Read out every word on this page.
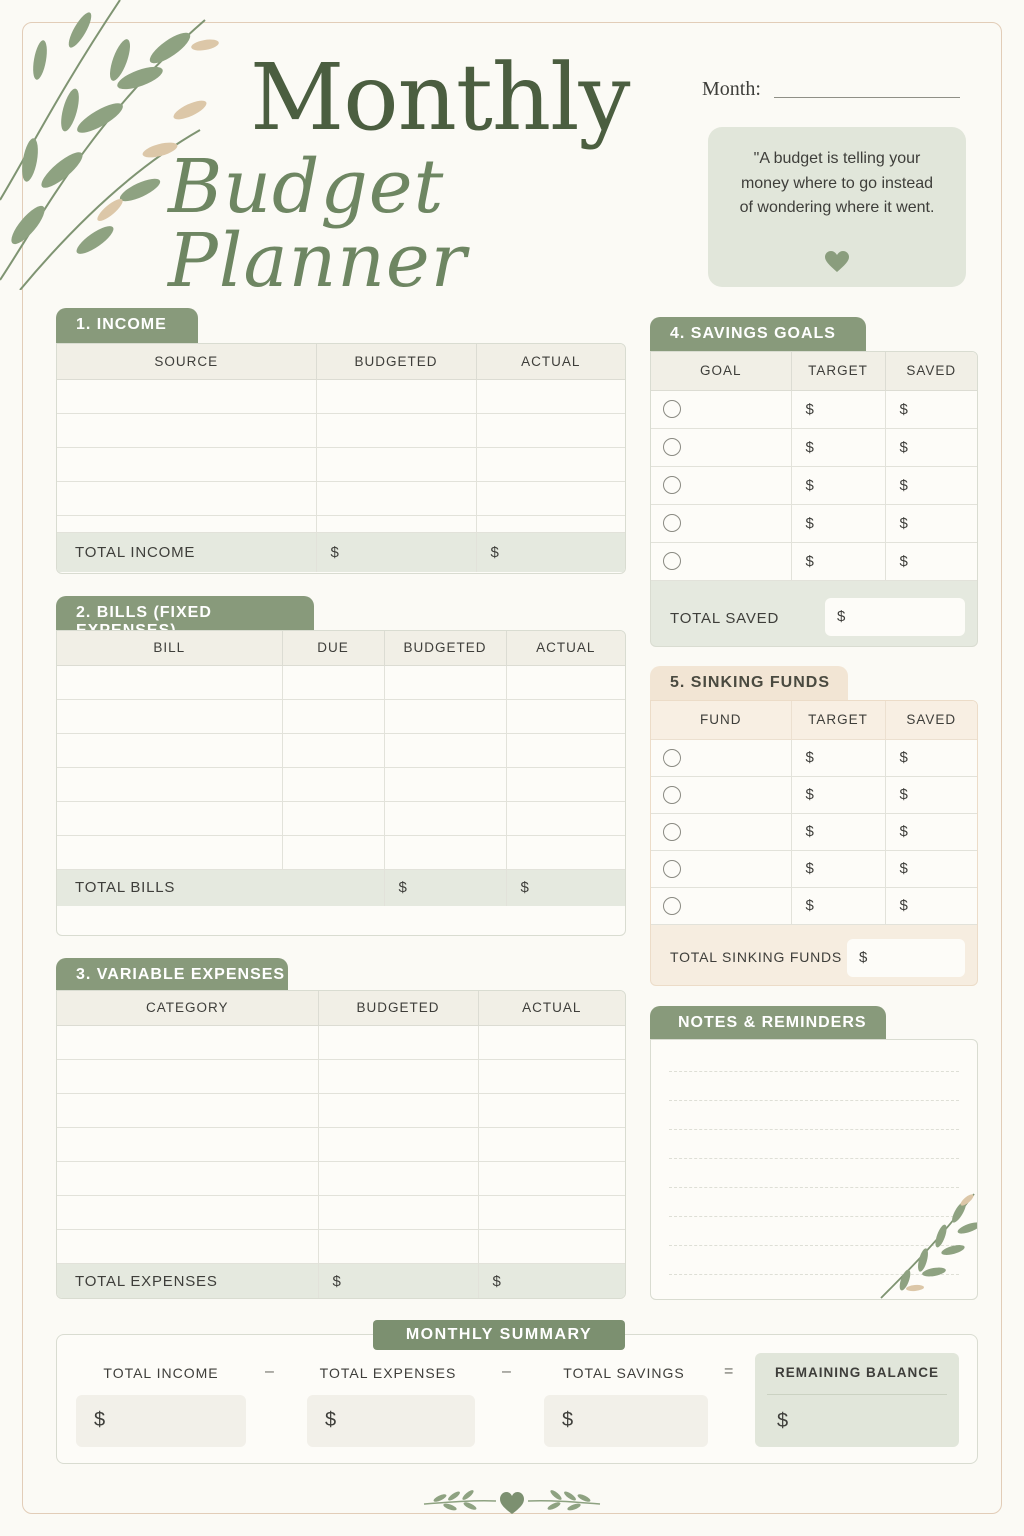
Monthly
Budget Planner
Month:
"A budget is telling your money where to go instead of wondering where it went.
1. INCOME
SOURCE	BUDGETED	ACTUAL

TOTAL INCOME	$	$
2. BILLS (FIXED
BILL	DUE	BUDGETED	ACTUAL

TOTAL BILLS		$	$
3. VARIABLE EXPENSES
CATEGORY	BUDGETED	ACTUAL

TOTAL EXPENSES	$	$
4. SAVINGS GOALS
GOAL	TARGET	SAVED
	$	$
	$	$
	$	$
	$	$
	$	$
TOTAL SAVED	$
5. SINKING FUNDS
FUND	TARGET	SAVED
	$	$
	$	$
	$	$
	$	$
	$	$
TOTAL SINKING FUNDS	$
NOTES & REMINDERS
MONTHLY SUMMARY
TOTAL INCOME	–	TOTAL EXPENSES	–	TOTAL SAVINGS	=
$	$	$
REMAINING BALANCE
$
